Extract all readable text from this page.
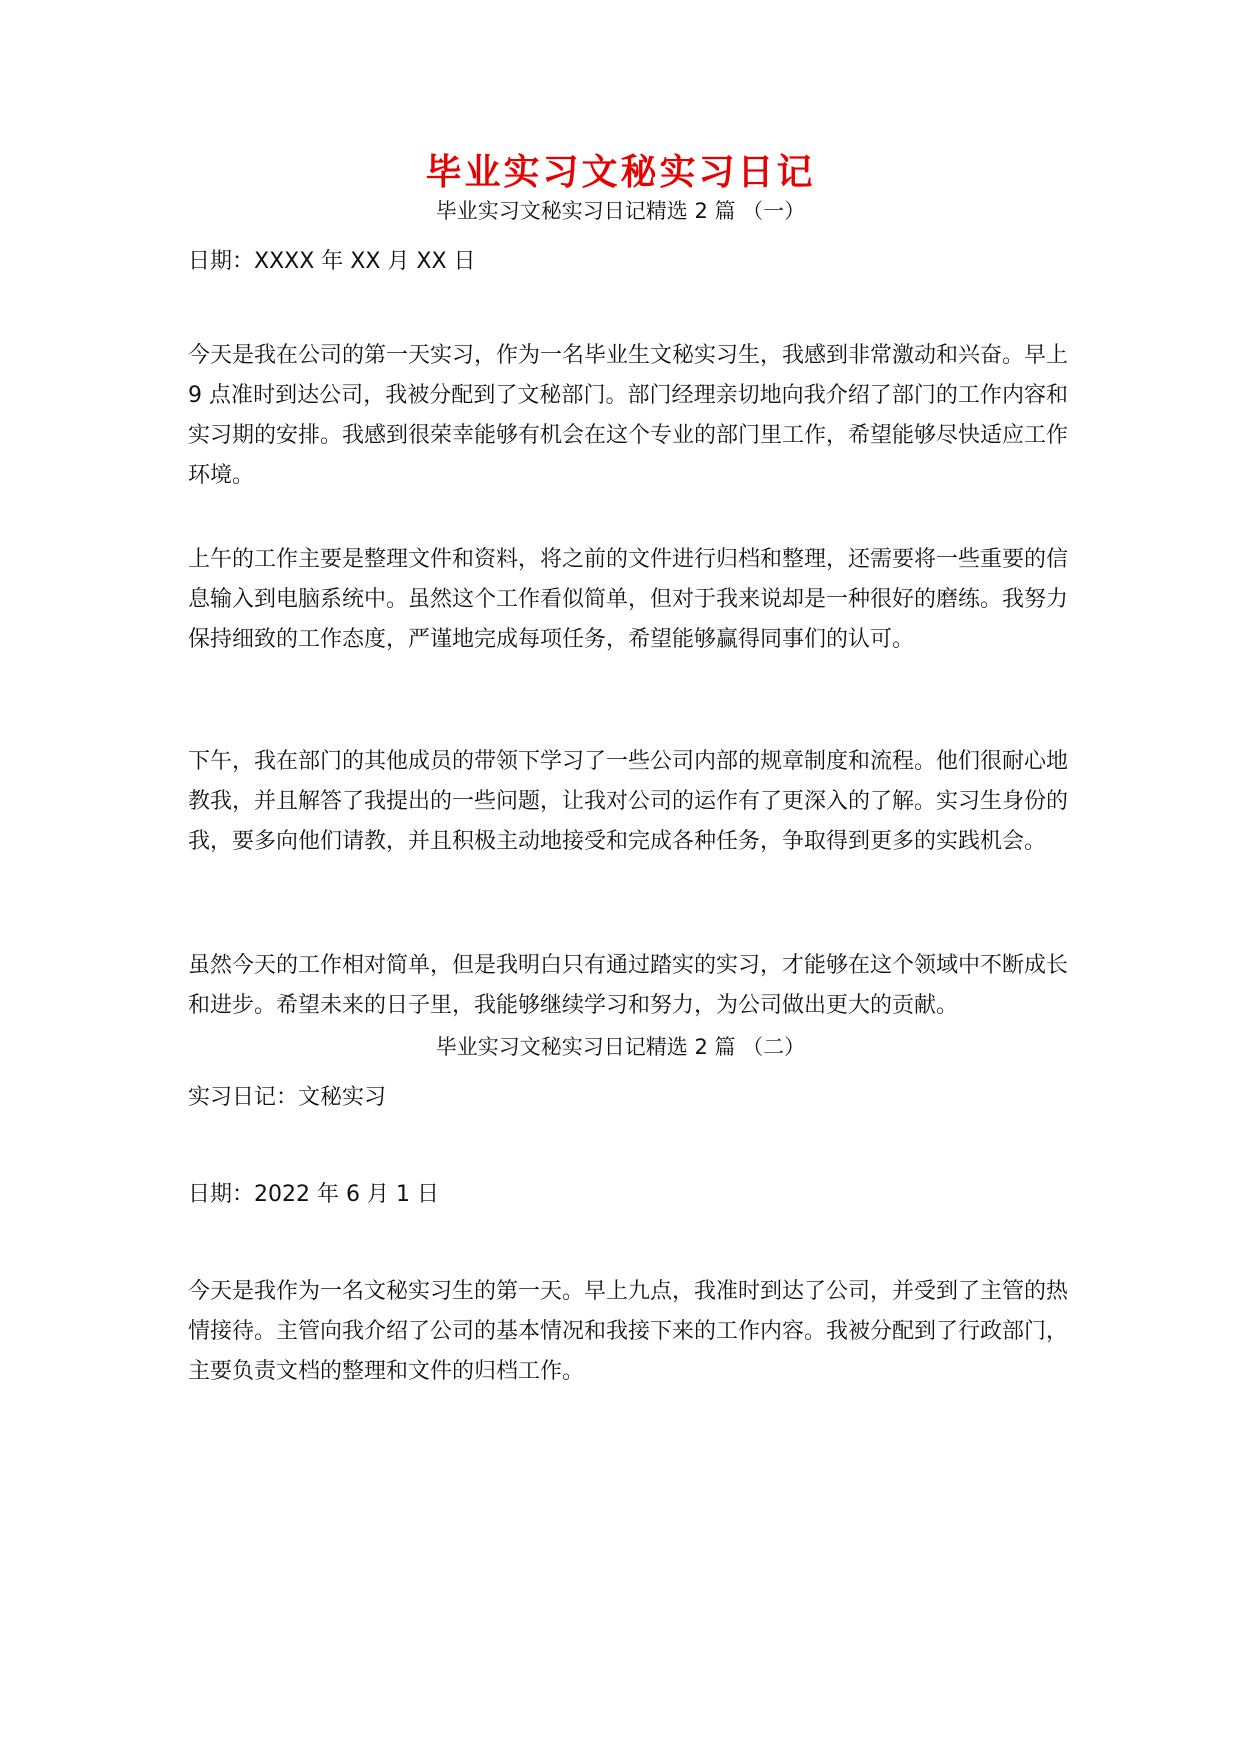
毕业实习文秘实习日记

毕业实习文秘实习日记精选 2 篇 （一）

日期：XXXX 年 XX 月 XX 日

今天是我在公司的第一天实习，作为一名毕业生文秘实习生，我感到非常激动和兴奋。早上 9 点准时到达公司，我被分配到了文秘部门。部门经理亲切地向我介绍了部门的工作内容和实习期的安排。我感到很荣幸能够有机会在这个专业的部门里工作，希望能够尽快适应工作环境。

上午的工作主要是整理文件和资料，将之前的文件进行归档和整理，还需要将一些重要的信息输入到电脑系统中。虽然这个工作看似简单，但对于我来说却是一种很好的磨练。我努力保持细致的工作态度，严谨地完成每项任务，希望能够赢得同事们的认可。

下午，我在部门的其他成员的带领下学习了一些公司内部的规章制度和流程。他们很耐心地教我，并且解答了我提出的一些问题，让我对公司的运作有了更深入的了解。实习生身份的我，要多向他们请教，并且积极主动地接受和完成各种任务，争取得到更多的实践机会。

虽然今天的工作相对简单，但是我明白只有通过踏实的实习，才能够在这个领域中不断成长和进步。希望未来的日子里，我能够继续学习和努力，为公司做出更大的贡献。

毕业实习文秘实习日记精选 2 篇 （二）

实习日记：文秘实习

日期：2022 年 6 月 1 日

今天是我作为一名文秘实习生的第一天。早上九点，我准时到达了公司，并受到了主管的热情接待。主管向我介绍了公司的基本情况和我接下来的工作内容。我被分配到了行政部门，主要负责文档的整理和文件的归档工作。
